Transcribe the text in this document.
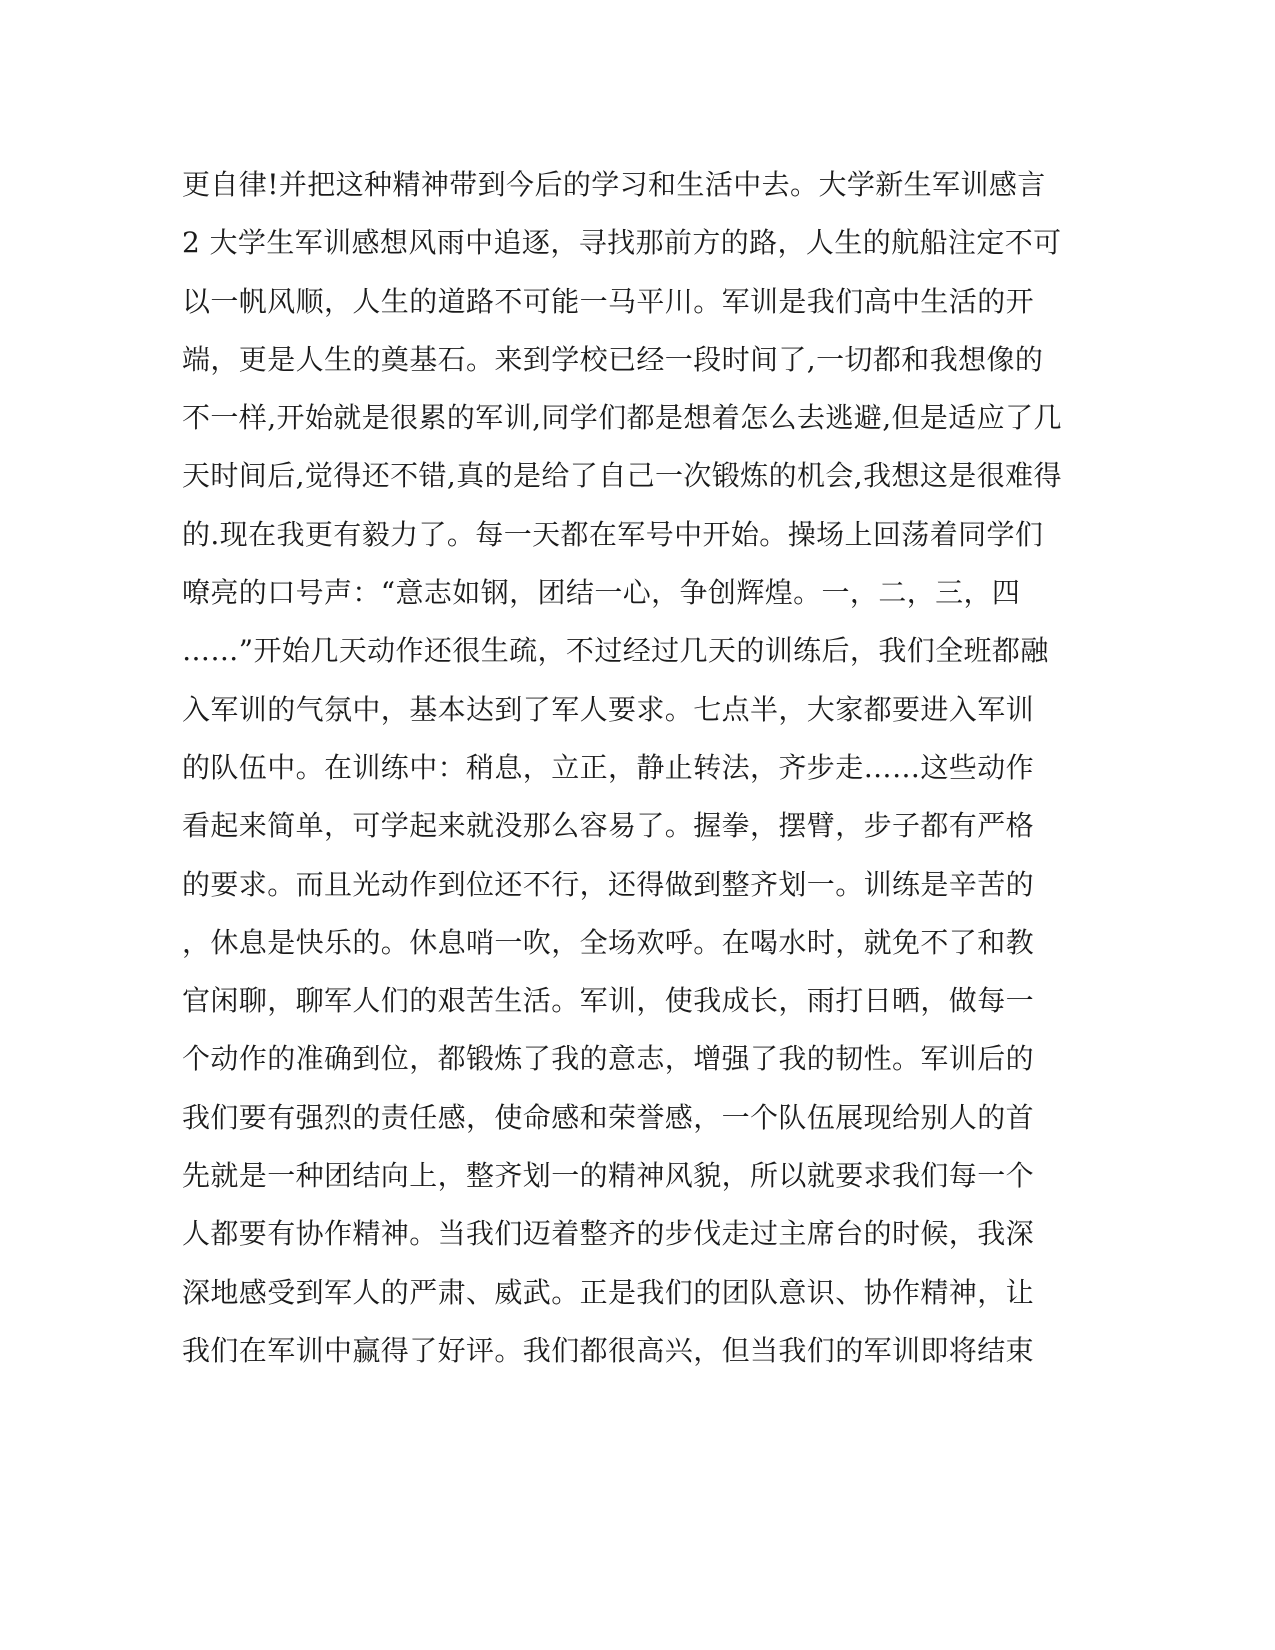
更自律!并把这种精神带到今后的学习和生活中去。大学新生军训感言
2 大学生军训感想风雨中追逐，寻找那前方的路，人生的航船注定不可
以一帆风顺，人生的道路不可能一马平川。军训是我们高中生活的开
端，更是人生的奠基石。来到学校已经一段时间了,一切都和我想像的
不一样,开始就是很累的军训,同学们都是想着怎么去逃避,但是适应了几
天时间后,觉得还不错,真的是给了自己一次锻炼的机会,我想这是很难得
的.现在我更有毅力了。每一天都在军号中开始。操场上回荡着同学们
嘹亮的口号声：“意志如钢，团结一心，争创辉煌。一，二，三，四
……”开始几天动作还很生疏，不过经过几天的训练后，我们全班都融
入军训的气氛中，基本达到了军人要求。七点半，大家都要进入军训
的队伍中。在训练中：稍息，立正，静止转法，齐步走……这些动作
看起来简单，可学起来就没那么容易了。握拳，摆臂，步子都有严格
的要求。而且光动作到位还不行，还得做到整齐划一。训练是辛苦的
，休息是快乐的。休息哨一吹，全场欢呼。在喝水时，就免不了和教
官闲聊，聊军人们的艰苦生活。军训，使我成长，雨打日晒，做每一
个动作的准确到位，都锻炼了我的意志，增强了我的韧性。军训后的
我们要有强烈的责任感，使命感和荣誉感，一个队伍展现给别人的首
先就是一种团结向上，整齐划一的精神风貌，所以就要求我们每一个
人都要有协作精神。当我们迈着整齐的步伐走过主席台的时候，我深
深地感受到军人的严肃、威武。正是我们的团队意识、协作精神，让
我们在军训中赢得了好评。我们都很高兴，但当我们的军训即将结束
